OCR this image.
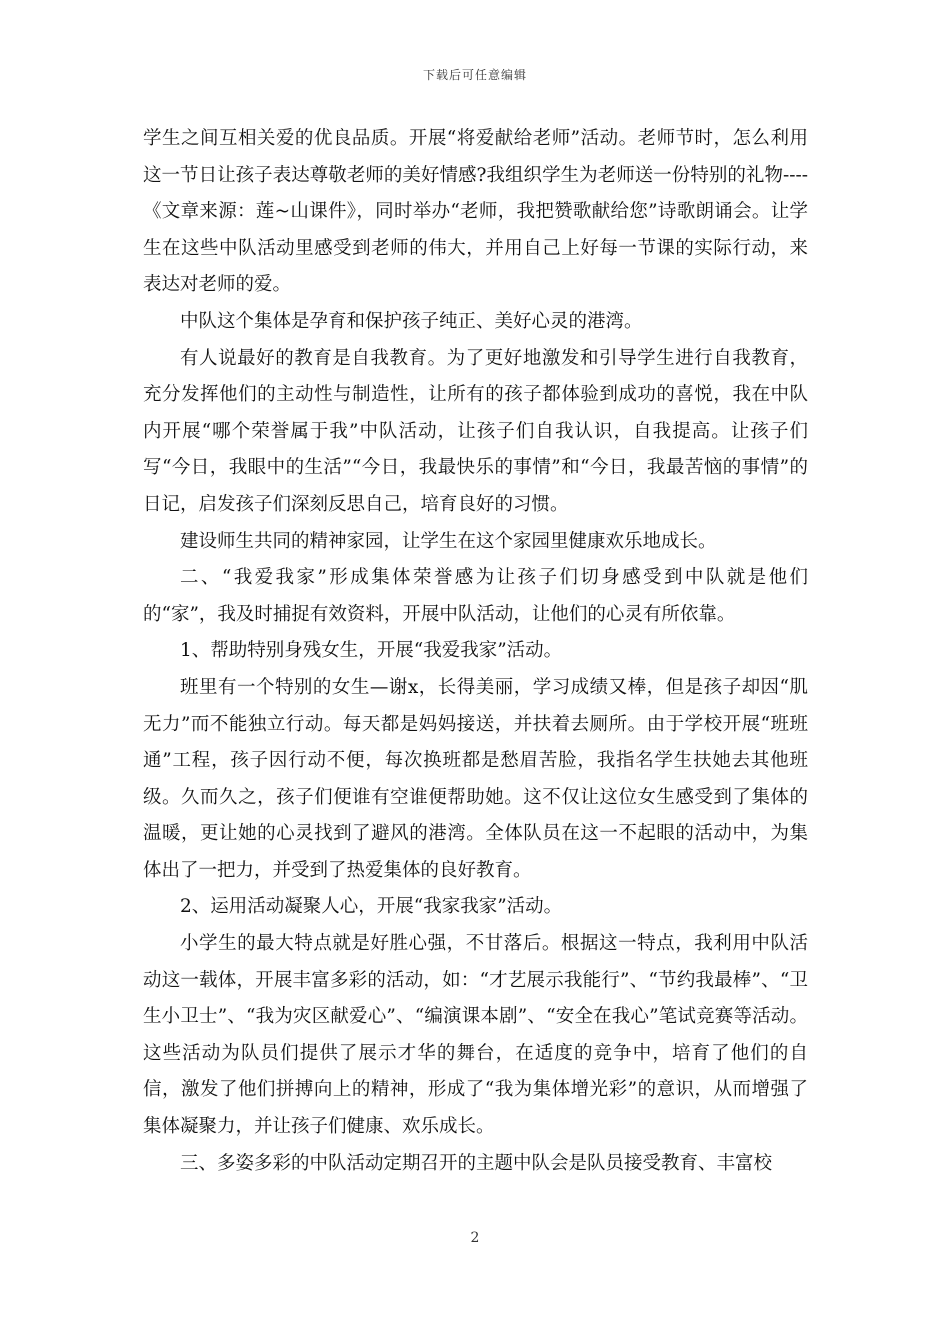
下载后可任意编辑

学生之间互相关爱的优良品质。开展“将爱献给老师”活动。老师节时，怎么利用这一节日让孩子表达尊敬老师的美好情感?我组织学生为老师送一份特别的礼物----《文章来源：莲~山课件》，同时举办“老师，我把赞歌献给您”诗歌朗诵会。让学生在这些中队活动里感受到老师的伟大，并用自己上好每一节课的实际行动，来表达对老师的爱。

中队这个集体是孕育和保护孩子纯正、美好心灵的港湾。

有人说最好的教育是自我教育。为了更好地激发和引导学生进行自我教育，充分发挥他们的主动性与制造性，让所有的孩子都体验到成功的喜悦，我在中队内开展“哪个荣誉属于我”中队活动，让孩子们自我认识，自我提高。让孩子们写“今日，我眼中的生活”“今日，我最快乐的事情”和“今日，我最苦恼的事情”的日记，启发孩子们深刻反思自己，培育良好的习惯。

建设师生共同的精神家园，让学生在这个家园里健康欢乐地成长。

二、“我爱我家”形成集体荣誉感为让孩子们切身感受到中队就是他们的“家”，我及时捕捉有效资料，开展中队活动，让他们的心灵有所依靠。

1、帮助特别身残女生，开展“我爱我家”活动。

班里有一个特别的女生—谢x，长得美丽，学习成绩又棒，但是孩子却因“肌无力”而不能独立行动。每天都是妈妈接送，并扶着去厕所。由于学校开展“班班通”工程，孩子因行动不便，每次换班都是愁眉苦脸，我指名学生扶她去其他班级。久而久之，孩子们便谁有空谁便帮助她。这不仅让这位女生感受到了集体的温暖，更让她的心灵找到了避风的港湾。全体队员在这一不起眼的活动中，为集体出了一把力，并受到了热爱集体的良好教育。

2、运用活动凝聚人心，开展“我家我家”活动。

小学生的最大特点就是好胜心强，不甘落后。根据这一特点，我利用中队活动这一载体，开展丰富多彩的活动，如：“才艺展示我能行”、“节约我最棒”、“卫生小卫士”、“我为灾区献爱心”、“编演课本剧”、“安全在我心”笔试竞赛等活动。这些活动为队员们提供了展示才华的舞台，在适度的竞争中，培育了他们的自信，激发了他们拼搏向上的精神，形成了“我为集体增光彩”的意识，从而增强了集体凝聚力，并让孩子们健康、欢乐成长。

三、多姿多彩的中队活动定期召开的主题中队会是队员接受教育、丰富校

2
